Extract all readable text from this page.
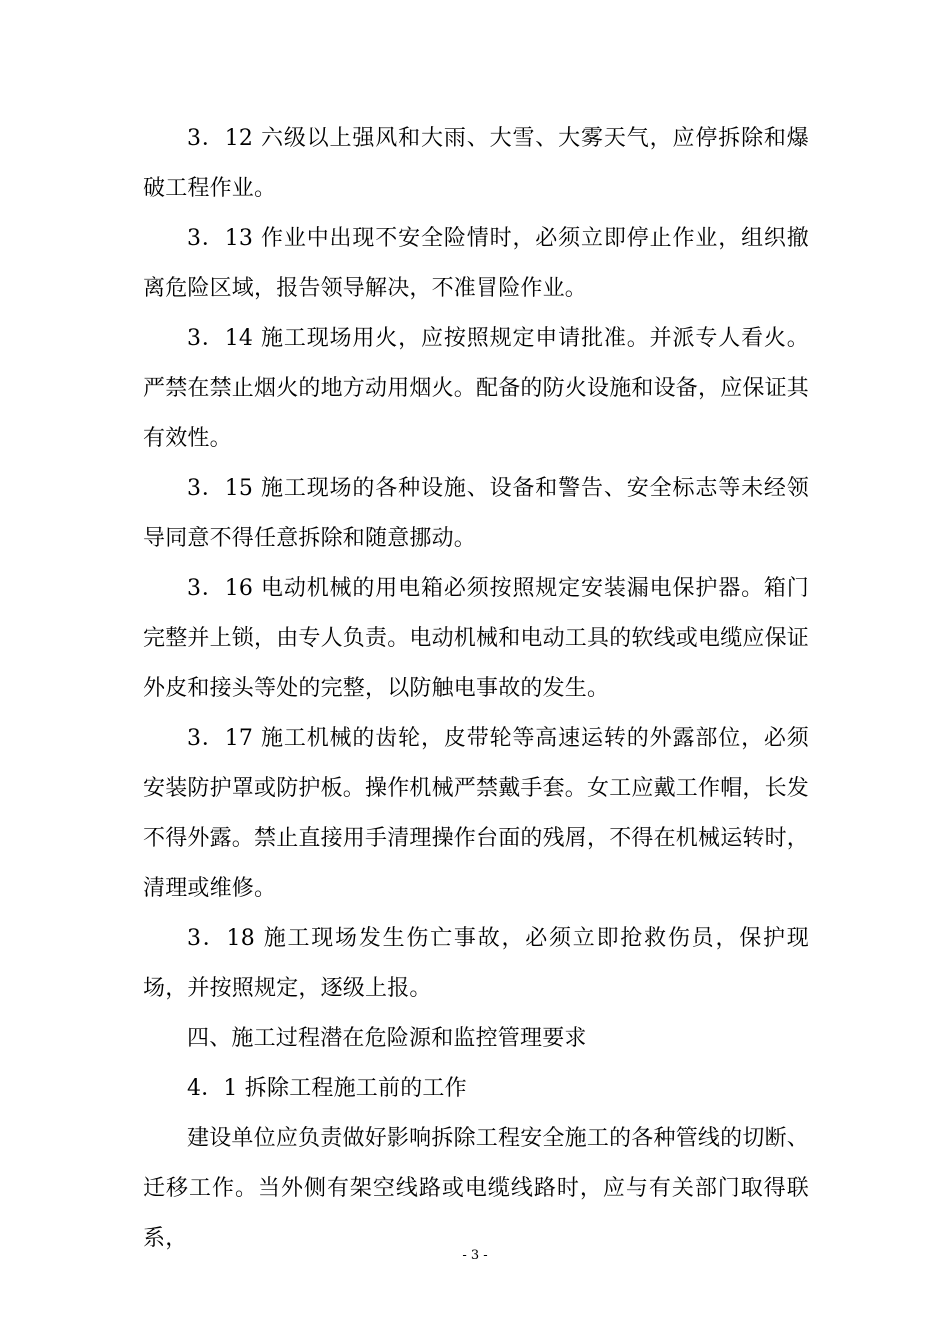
3．12 六级以上强风和大雨、大雪、大雾天气，应停拆除和爆破工程作业。

3．13 作业中出现不安全险情时，必须立即停止作业，组织撤离危险区域，报告领导解决，不准冒险作业。

3．14 施工现场用火，应按照规定申请批准。并派专人看火。严禁在禁止烟火的地方动用烟火。配备的防火设施和设备，应保证其有效性。

3．15 施工现场的各种设施、设备和警告、安全标志等未经领导同意不得任意拆除和随意挪动。

3．16 电动机械的用电箱必须按照规定安装漏电保护器。箱门完整并上锁，由专人负责。电动机械和电动工具的软线或电缆应保证外皮和接头等处的完整，以防触电事故的发生。

3．17 施工机械的齿轮，皮带轮等高速运转的外露部位，必须安装防护罩或防护板。操作机械严禁戴手套。女工应戴工作帽，长发不得外露。禁止直接用手清理操作台面的残屑，不得在机械运转时，清理或维修。

3．18 施工现场发生伤亡事故，必须立即抢救伤员，保护现场，并按照规定，逐级上报。

四、施工过程潜在危险源和监控管理要求

4．1 拆除工程施工前的工作

建设单位应负责做好影响拆除工程安全施工的各种管线的切断、迁移工作。当外侧有架空线路或电缆线路时，应与有关部门取得联系，

- 3 -
